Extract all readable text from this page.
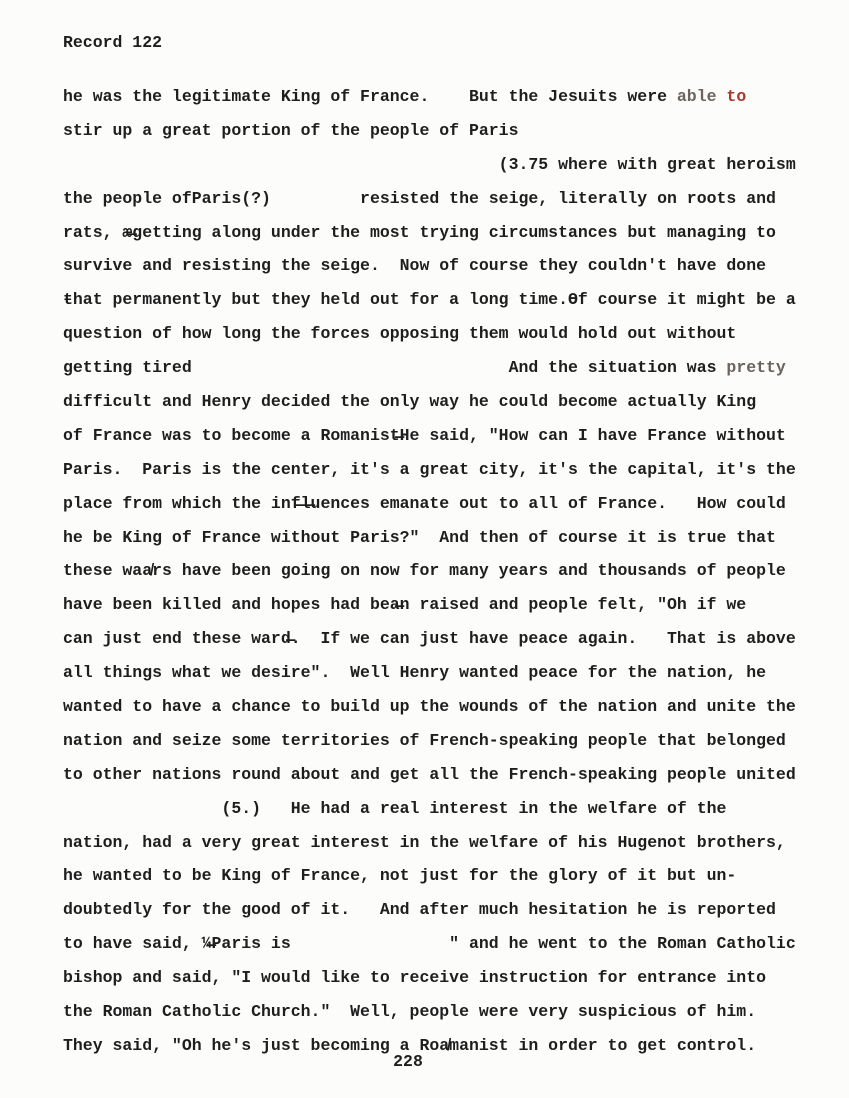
Record 122
he was the legitimate King of France.    But the Jesuits were able to
stir up a great portion of the people of Paris
(3.75 where with great heroism
the people ofParis(?)         resisted the seige, literally on roots and
rats, æ̶getting along under the most trying circumstances but managing to
survive and resisting the seige.  Now of course they couldn't have done
ŧhat permanently but they held out for a long time.Ɵf course it might be a
question of how long the forces opposing them would hold out without
getting tired                                And the situation was pretty
difficult and Henry decided the only way he could become actually King
of France was to become a Romanist̶He said, "How can I have France without
Paris.  Paris is the center, it's a great city, it's the capital, it's the
place from which the inf̶l̶uences emanate out to all of France.   How could
he be King of France without Paris?"  And then of course it is true that
these waa̸rs have been going on now for many years and thousands of people
have been killed and hopes had bea̶n raised and people felt, "Oh if we
can just end these ward̶.  If we can just have peace again.   That is above
all things what we desire".  Well Henry wanted peace for the nation, he
wanted to have a chance to build up the wounds of the nation and unite the
nation and seize some territories of French-speaking people that belonged
to other nations round about and get all the French-speaking people united
(5.)   He had a real interest in the welfare of the
nation, had a very great interest in the welfare of his Hugenot brothers,
he wanted to be King of France, not just for the glory of it but un-
doubtedly for the good of it.   And after much hesitation he is reported
to have said, ¼̶Paris is                " and he went to the Roman Catholic
bishop and said, "I would like to receive instruction for entrance into
the Roman Catholic Church."  Well, people were very suspicious of him.
They said, "Oh he's just becoming a Roa̸manist in order to get control.
228
